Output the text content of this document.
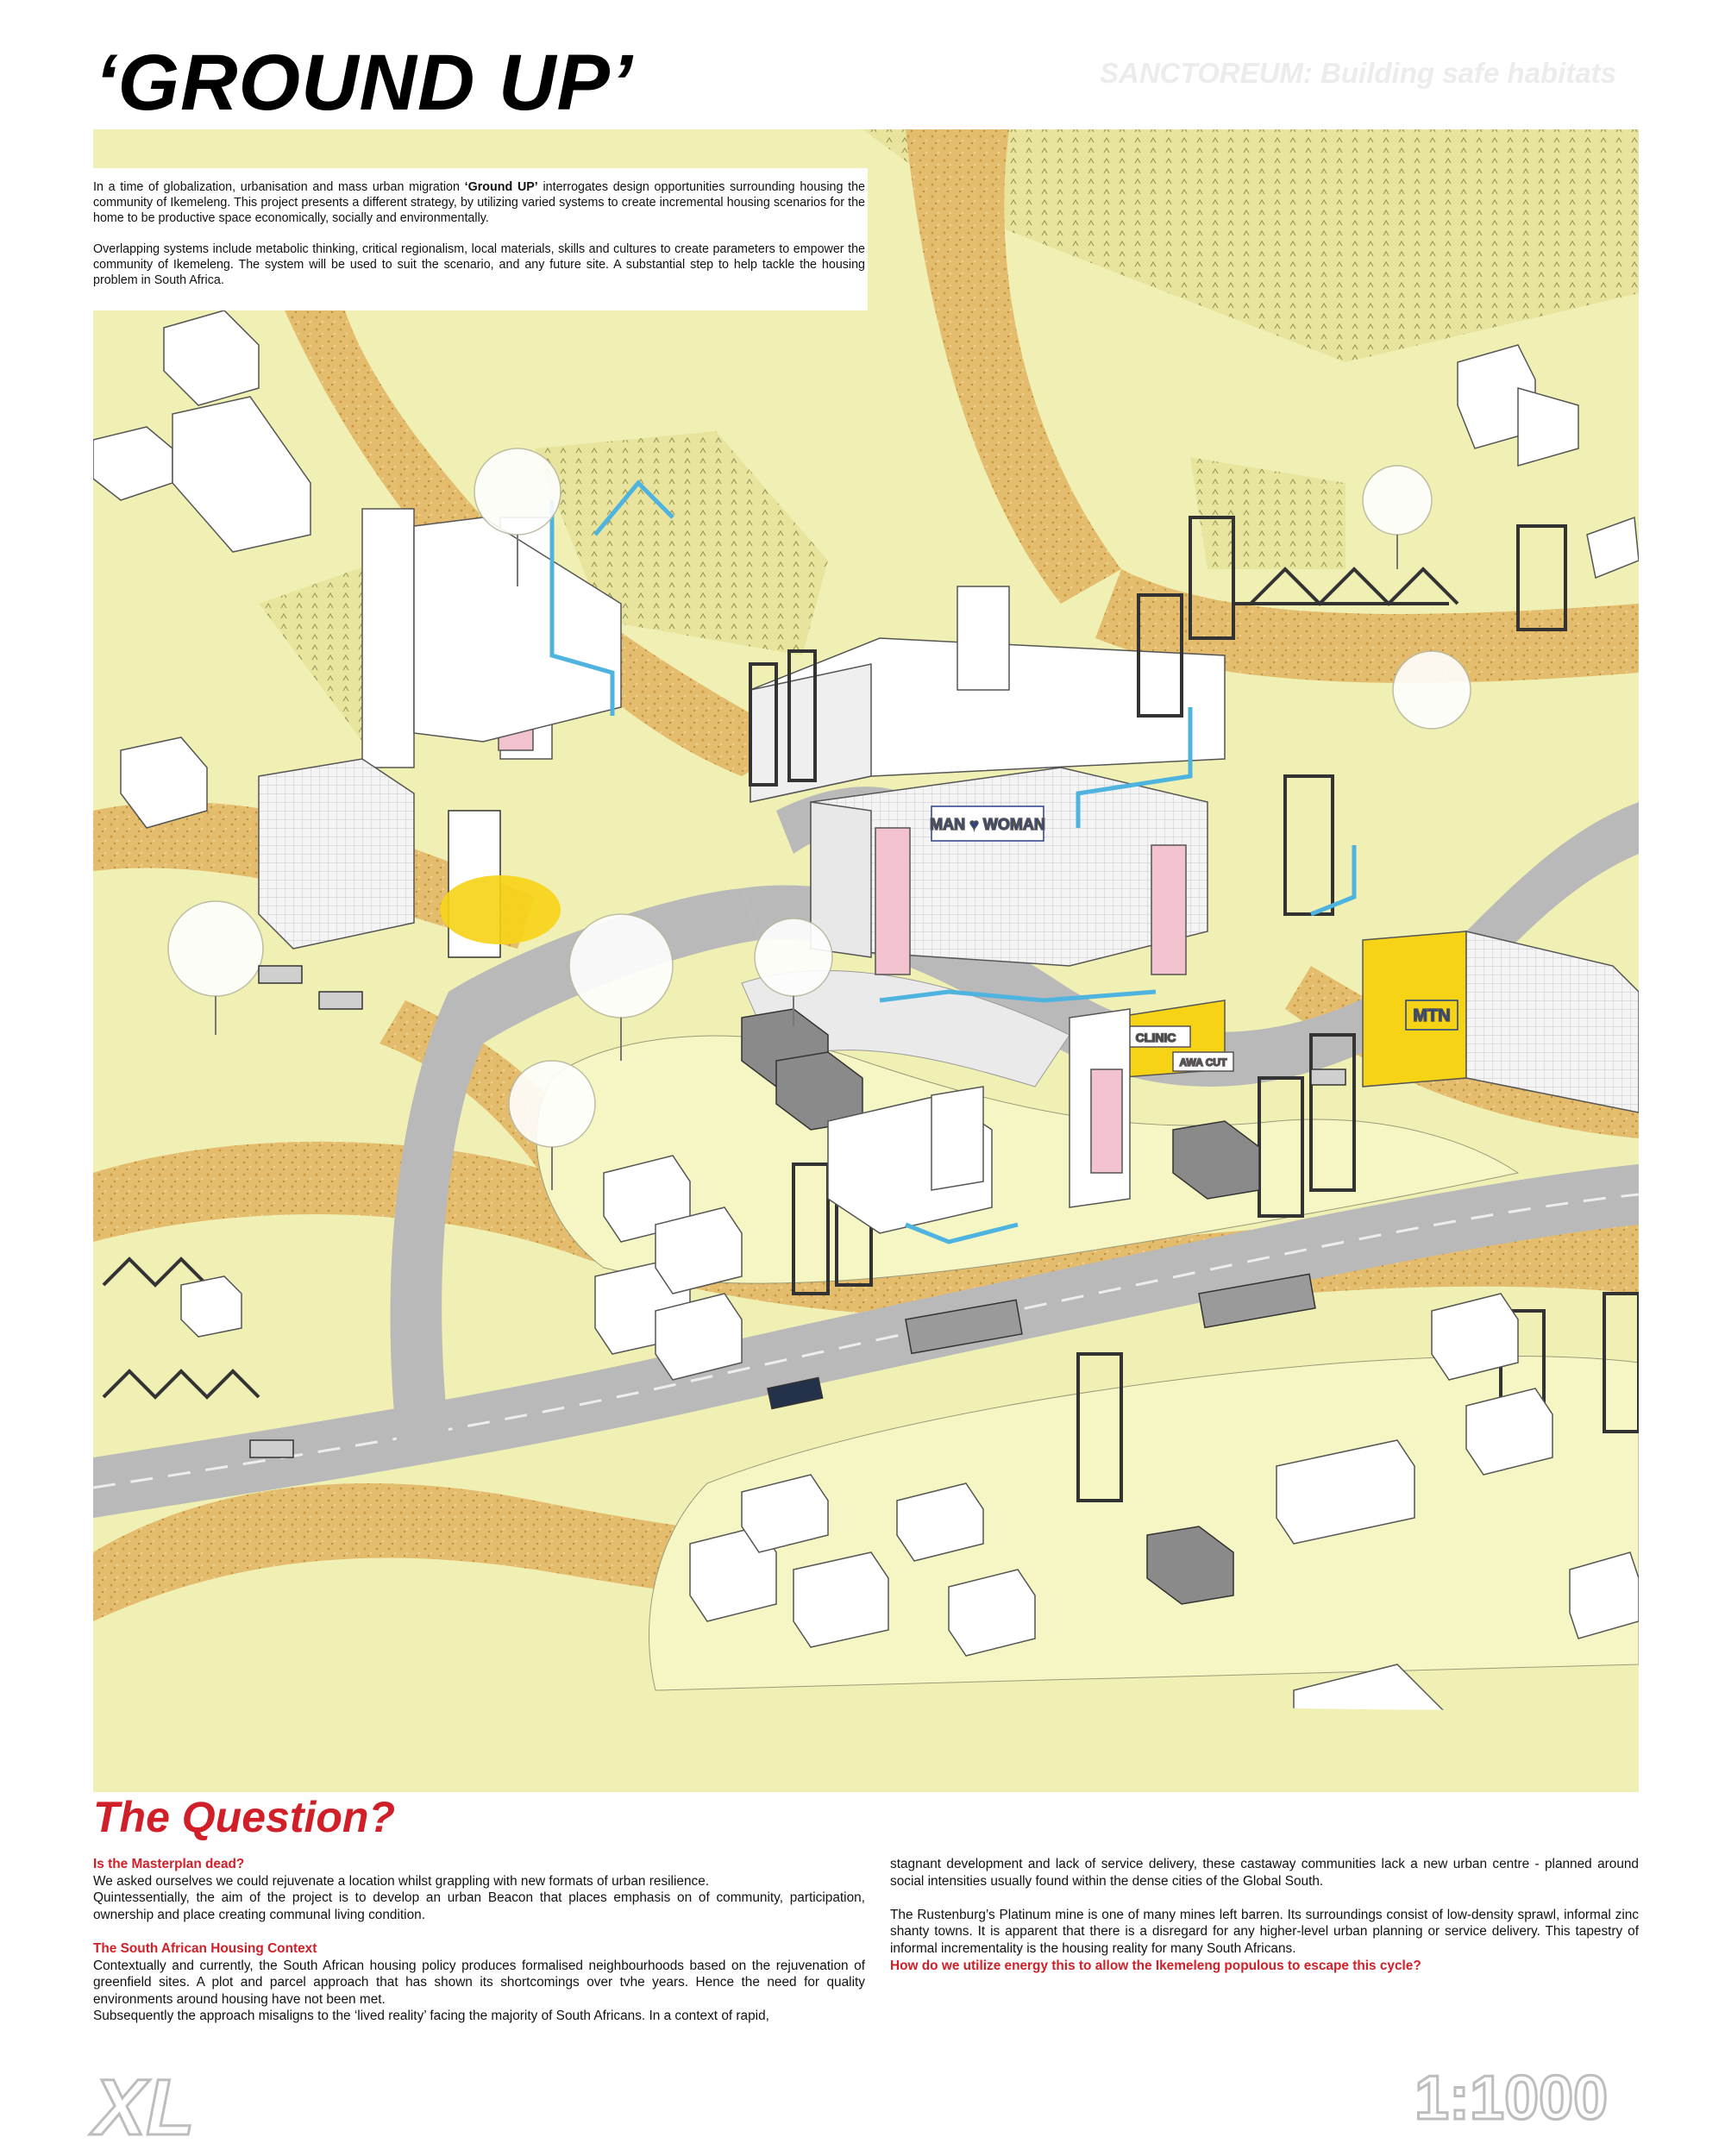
‘GROUND UP’	SANCTOREUM: Building safe habitats
MAN ♥ WOMAN
MTN
CLINIC
AWA CUT

In a time of globalization, urbanisation and mass urban migration ‘Ground UP’ interrogates design opportunities surrounding housing the community of Ikemeleng. This project presents a different strategy, by utilizing varied systems to create incremental housing scenarios for the home to be productive space economically, socially and environmentally.

Overlapping systems include metabolic thinking, critical regionalism, local materials, skills and cultures to create parameters to empower the community of Ikemeleng. The system will be used to suit the scenario, and any future site. A substantial step to help tackle the housing problem in South Africa.

The Question?

Is the Masterplan dead?

We asked ourselves we could rejuvenate a location whilst grappling with new formats of urban resilience.

Quintessentially, the aim of the project is to develop an urban Beacon that places emphasis on of community, participation, ownership and place creating communal living condition.

The South African Housing Context

Contextually and currently, the South African housing policy produces formalised neighbourhoods based on the rejuvenation of greenfield sites. A plot and parcel approach that has shown its shortcomings over tvhe years. Hence the need for quality environments around housing have not been met.

Subsequently the approach misaligns to the ‘lived reality’ facing the majority of South Africans. In a context of rapid,

stagnant development and lack of service delivery, these castaway communities lack a new urban centre - planned around social intensities usually found within the dense cities of the Global South.

The Rustenburg’s Platinum mine is one of many mines left barren. Its surroundings consist of low-density sprawl, informal zinc shanty towns. It is apparent that there is a disregard for any higher-level urban planning or service delivery. This tapestry of informal incrementality is the housing reality for many South Africans.

How do we utilize energy this to allow the Ikemeleng populous to escape this cycle?

XL	1:1000
